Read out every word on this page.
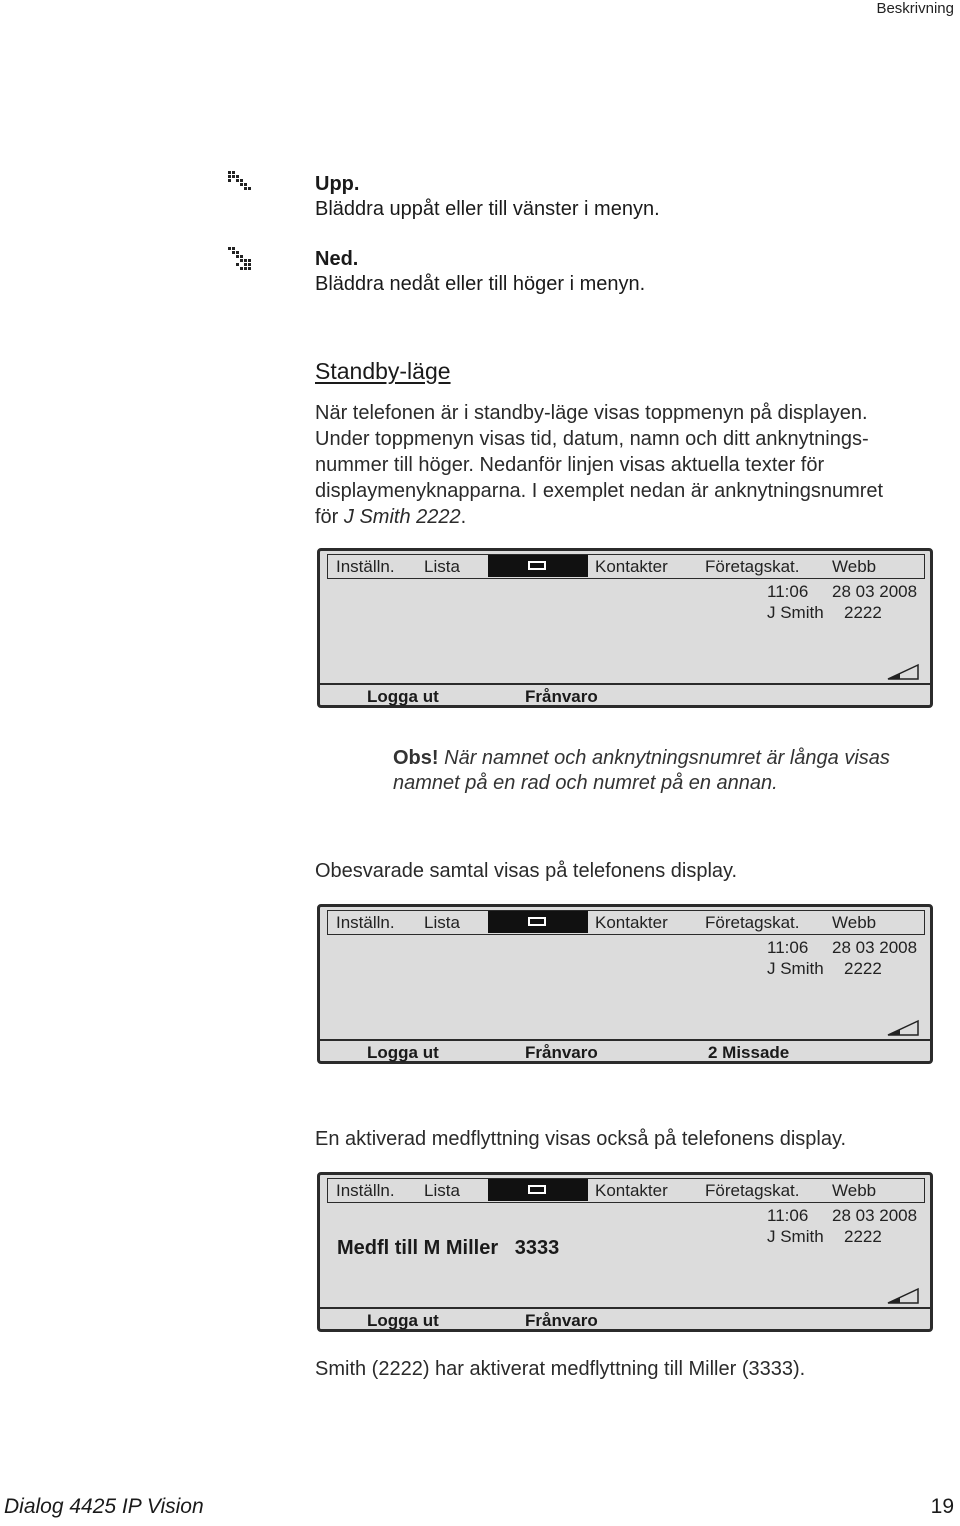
Beskrivning
Upp.
Bläddra uppåt eller till vänster i menyn.
Ned.
Bläddra nedåt eller till höger i menyn.
Standby-läge
När telefonen är i standby-läge visas toppmenyn på displayen.
Under toppmenyn visas tid, datum, namn och ditt anknytnings-
nummer till höger. Nedanför linjen visas aktuella texter för
displaymenyknapparna. I exemplet nedan är anknytningsnumret
för J Smith 2222.
Inställn. Lista	Kontakter Företagskat. Webb
11:06 28 03 2008
J Smith 2222
Logga ut	Frånvaro
Obs! När namnet och anknytningsnumret är långa visas
namnet på en rad och numret på en annan.
Obesvarade samtal visas på telefonens display.
Inställn. Lista	Kontakter Företagskat. Webb
11:06 28 03 2008
J Smith 2222
Logga ut	Frånvaro	2 Missade
En aktiverad medflyttning visas också på telefonens display.
Inställn. Lista	Kontakter Företagskat. Webb
11:06 28 03 2008
J Smith 2222
Medfl till M Miller 3333
Logga ut	Frånvaro
Smith (2222) har aktiverat medflyttning till Miller (3333).
Dialog 4425 IP Vision	19
